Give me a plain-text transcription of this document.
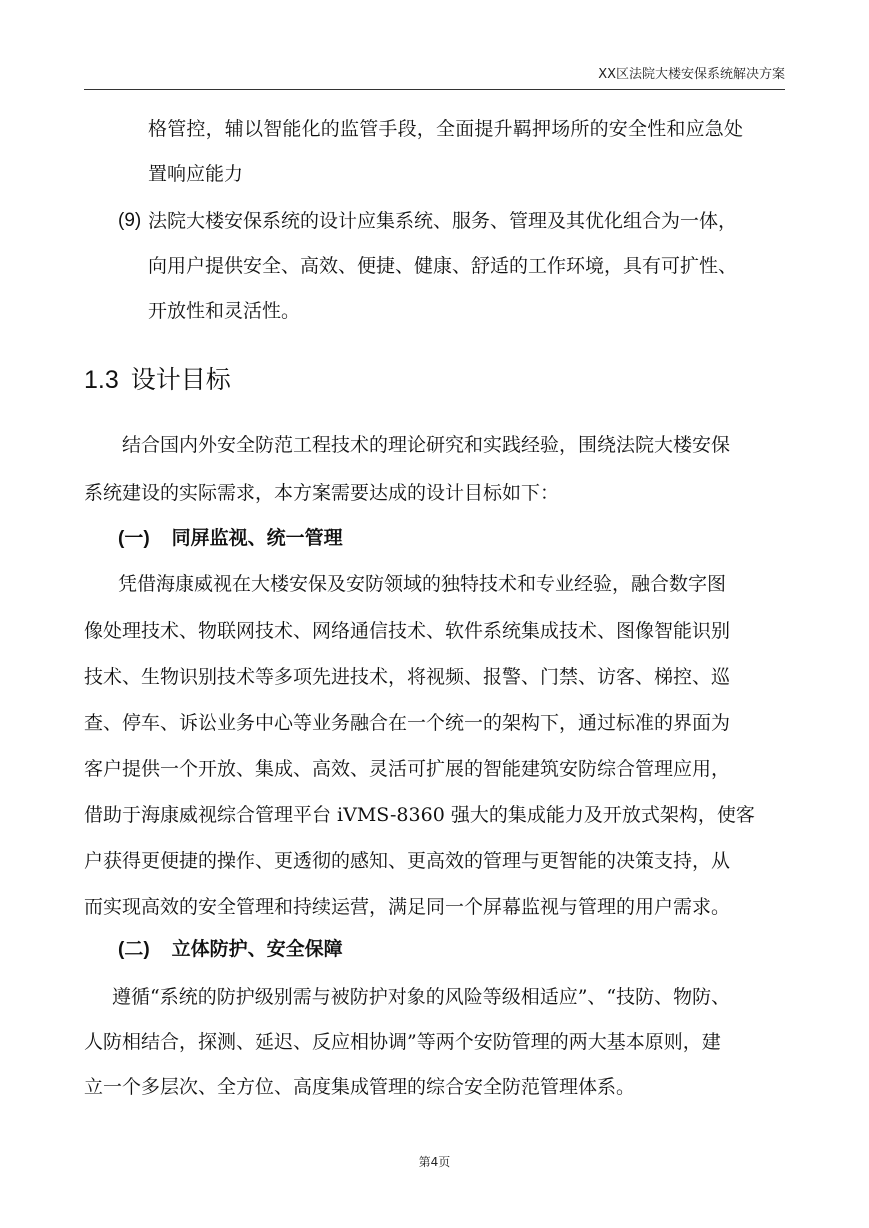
XX区法院大楼安保系统解决方案
格管控，辅以智能化的监管手段，全面提升羁押场所的安全性和应急处
置响应能力
(9) 法院大楼安保系统的设计应集系统、服务、管理及其优化组合为一体，
向用户提供安全、高效、便捷、健康、舒适的工作环境，具有可扩性、
开放性和灵活性。
1.3 设计目标
结合国内外安全防范工程技术的理论研究和实践经验，围绕法院大楼安保
系统建设的实际需求，本方案需要达成的设计目标如下：
(一) 同屏监视、统一管理
凭借海康威视在大楼安保及安防领域的独特技术和专业经验，融合数字图
像处理技术、物联网技术、网络通信技术、软件系统集成技术、图像智能识别
技术、生物识别技术等多项先进技术，将视频、报警、门禁、访客、梯控、巡
查、停车、诉讼业务中心等业务融合在一个统一的架构下，通过标准的界面为
客户提供一个开放、集成、高效、灵活可扩展的智能建筑安防综合管理应用，
借助于海康威视综合管理平台 iVMS-8360 强大的集成能力及开放式架构，使客
户获得更便捷的操作、更透彻的感知、更高效的管理与更智能的决策支持，从
而实现高效的安全管理和持续运营，满足同一个屏幕监视与管理的用户需求。
(二) 立体防护、安全保障
遵循“系统的防护级别需与被防护对象的风险等级相适应”、“技防、物防、
人防相结合，探测、延迟、反应相协调”等两个安防管理的两大基本原则，建
立一个多层次、全方位、高度集成管理的综合安全防范管理体系。
第4页
